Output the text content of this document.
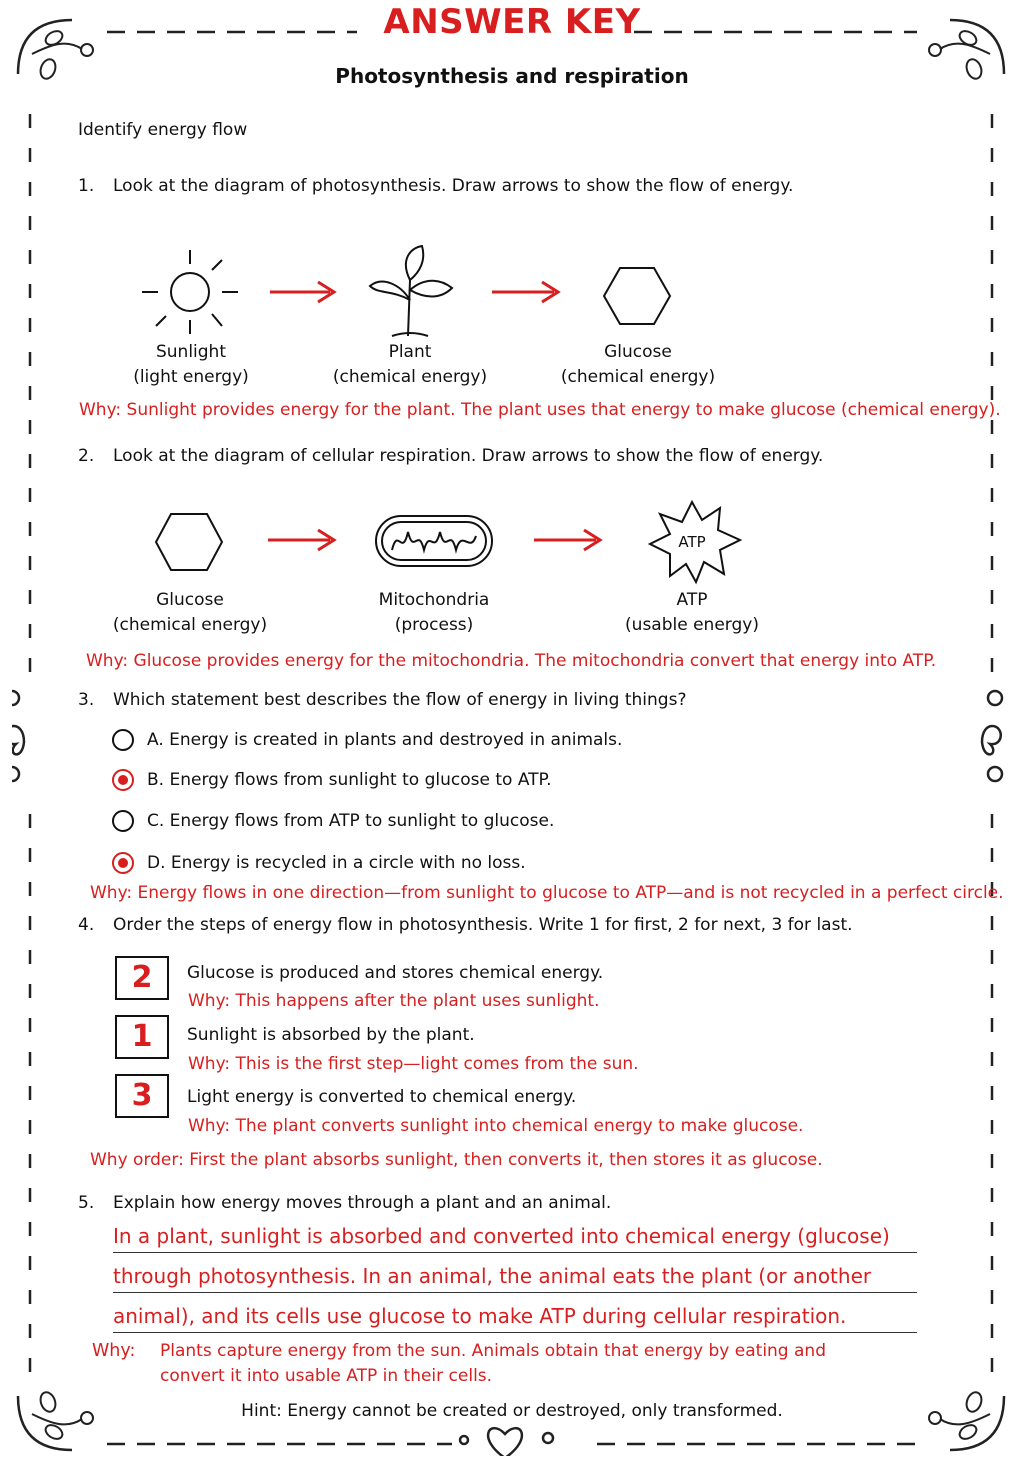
ANSWER KEY
Photosynthesis and respiration
Identify energy flow
1. Look at the diagram of photosynthesis. Draw arrows to show the flow of energy.
Sunlight
(light energy)
Plant
(chemical energy)
Glucose
(chemical energy)
Why: Sunlight provides energy for the plant. The plant uses that energy to make glucose (chemical energy).
2. Look at the diagram of cellular respiration. Draw arrows to show the flow of energy.
ATP
Glucose
(chemical energy)
Mitochondria
(process)
ATP
(usable energy)
Why: Glucose provides energy for the mitochondria. The mitochondria convert that energy into ATP.
3. Which statement best describes the flow of energy in living things?
A. Energy is created in plants and destroyed in animals.
B. Energy flows from sunlight to glucose to ATP.
C. Energy flows from ATP to sunlight to glucose.
D. Energy is recycled in a circle with no loss.
Why: Energy flows in one direction—from sunlight to glucose to ATP—and is not recycled in a perfect circle.
4. Order the steps of energy flow in photosynthesis. Write 1 for first, 2 for next, 3 for last.
2	Glucose is produced and stores chemical energy.
Why: This happens after the plant uses sunlight.
1	Sunlight is absorbed by the plant.
Why: This is the first step—light comes from the sun.
3	Light energy is converted to chemical energy.
Why: The plant converts sunlight into chemical energy to make glucose.
Why order: First the plant absorbs sunlight, then converts it, then stores it as glucose.
5. Explain how energy moves through a plant and an animal.
In a plant, sunlight is absorbed and converted into chemical energy (glucose)
through photosynthesis. In an animal, the animal eats the plant (or another
animal), and its cells use glucose to make ATP during cellular respiration.
Why: Plants capture energy from the sun. Animals obtain that energy by eating and
convert it into usable ATP in their cells.
Hint: Energy cannot be created or destroyed, only transformed.
